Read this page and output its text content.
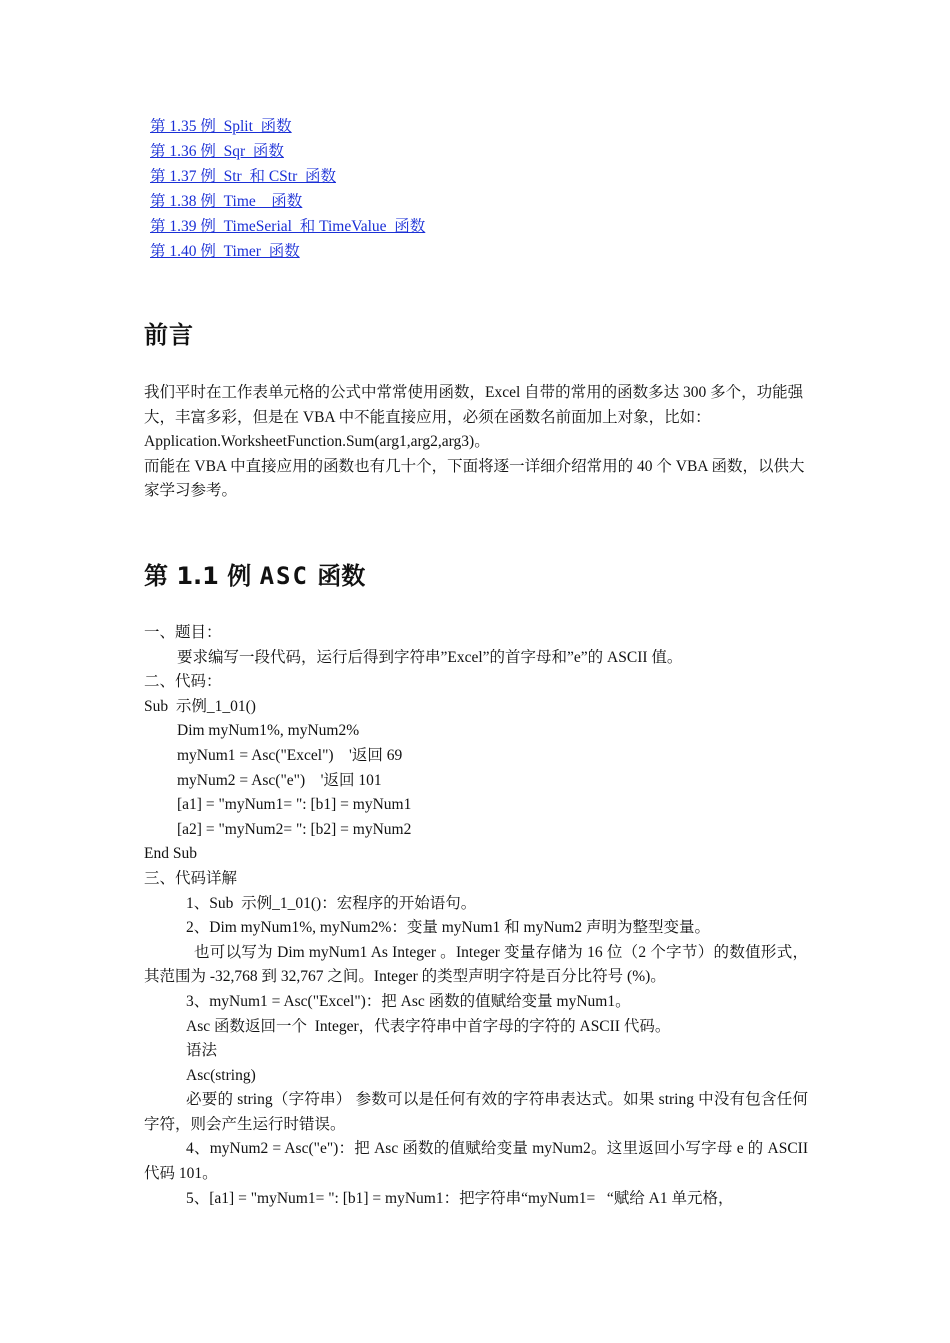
第 1.35 例  Split  函数
第 1.36 例  Sqr  函数
第 1.37 例  Str  和 CStr  函数
第 1.38 例  Time    函数
第 1.39 例  TimeSerial  和 TimeValue  函数
第 1.40 例  Timer  函数
前言

我们平时在工作表单元格的公式中常常使用函数，Excel 自带的常用的函数多达 300 多个，功能强大，丰富多彩，但是在 VBA 中不能直接应用，必须在函数名前面加上对象，比如：Application.WorksheetFunction.Sum(arg1,arg2,arg3)。

而能在 VBA 中直接应用的函数也有几十个，下面将逐一详细介绍常用的 40 个 VBA 函数，以供大家学习参考。

第 1.1 例 ASC 函数
一、题目：
要求编写一段代码，运行后得到字符串”Excel”的首字母和”e”的 ASCII 值。
二、代码：
Sub  示例_1_01()
Dim myNum1%, myNum2%
myNum1 = Asc("Excel")    '返回 69
myNum2 = Asc("e")    '返回 101
[a1] = "myNum1= ": [b1] = myNum1
[a2] = "myNum2= ": [b2] = myNum2
End Sub
三、代码详解
1、Sub  示例_1_01()：宏程序的开始语句。
2、Dim myNum1%, myNum2%：变量 myNum1 和 myNum2 声明为整型变量。
也可以写为 Dim myNum1 As Integer 。Integer 变量存储为 16 位（2 个字节）的数值形式，其范围为 -32,768 到 32,767 之间。Integer 的类型声明字符是百分比符号 (%)。
3、myNum1 = Asc("Excel")：把 Asc 函数的值赋给变量 myNum1。
Asc 函数返回一个  Integer，代表字符串中首字母的字符的 ASCII 代码。
语法
Asc(string)
必要的 string（字符串） 参数可以是任何有效的字符串表达式。如果 string 中没有包含任何字符，则会产生运行时错误。
4、myNum2 = Asc("e")：把 Asc 函数的值赋给变量 myNum2。这里返回小写字母 e 的 ASCII 代码 101。
5、[a1] = "myNum1= ": [b1] = myNum1：把字符串“myNum1=   “赋给 A1 单元格，
